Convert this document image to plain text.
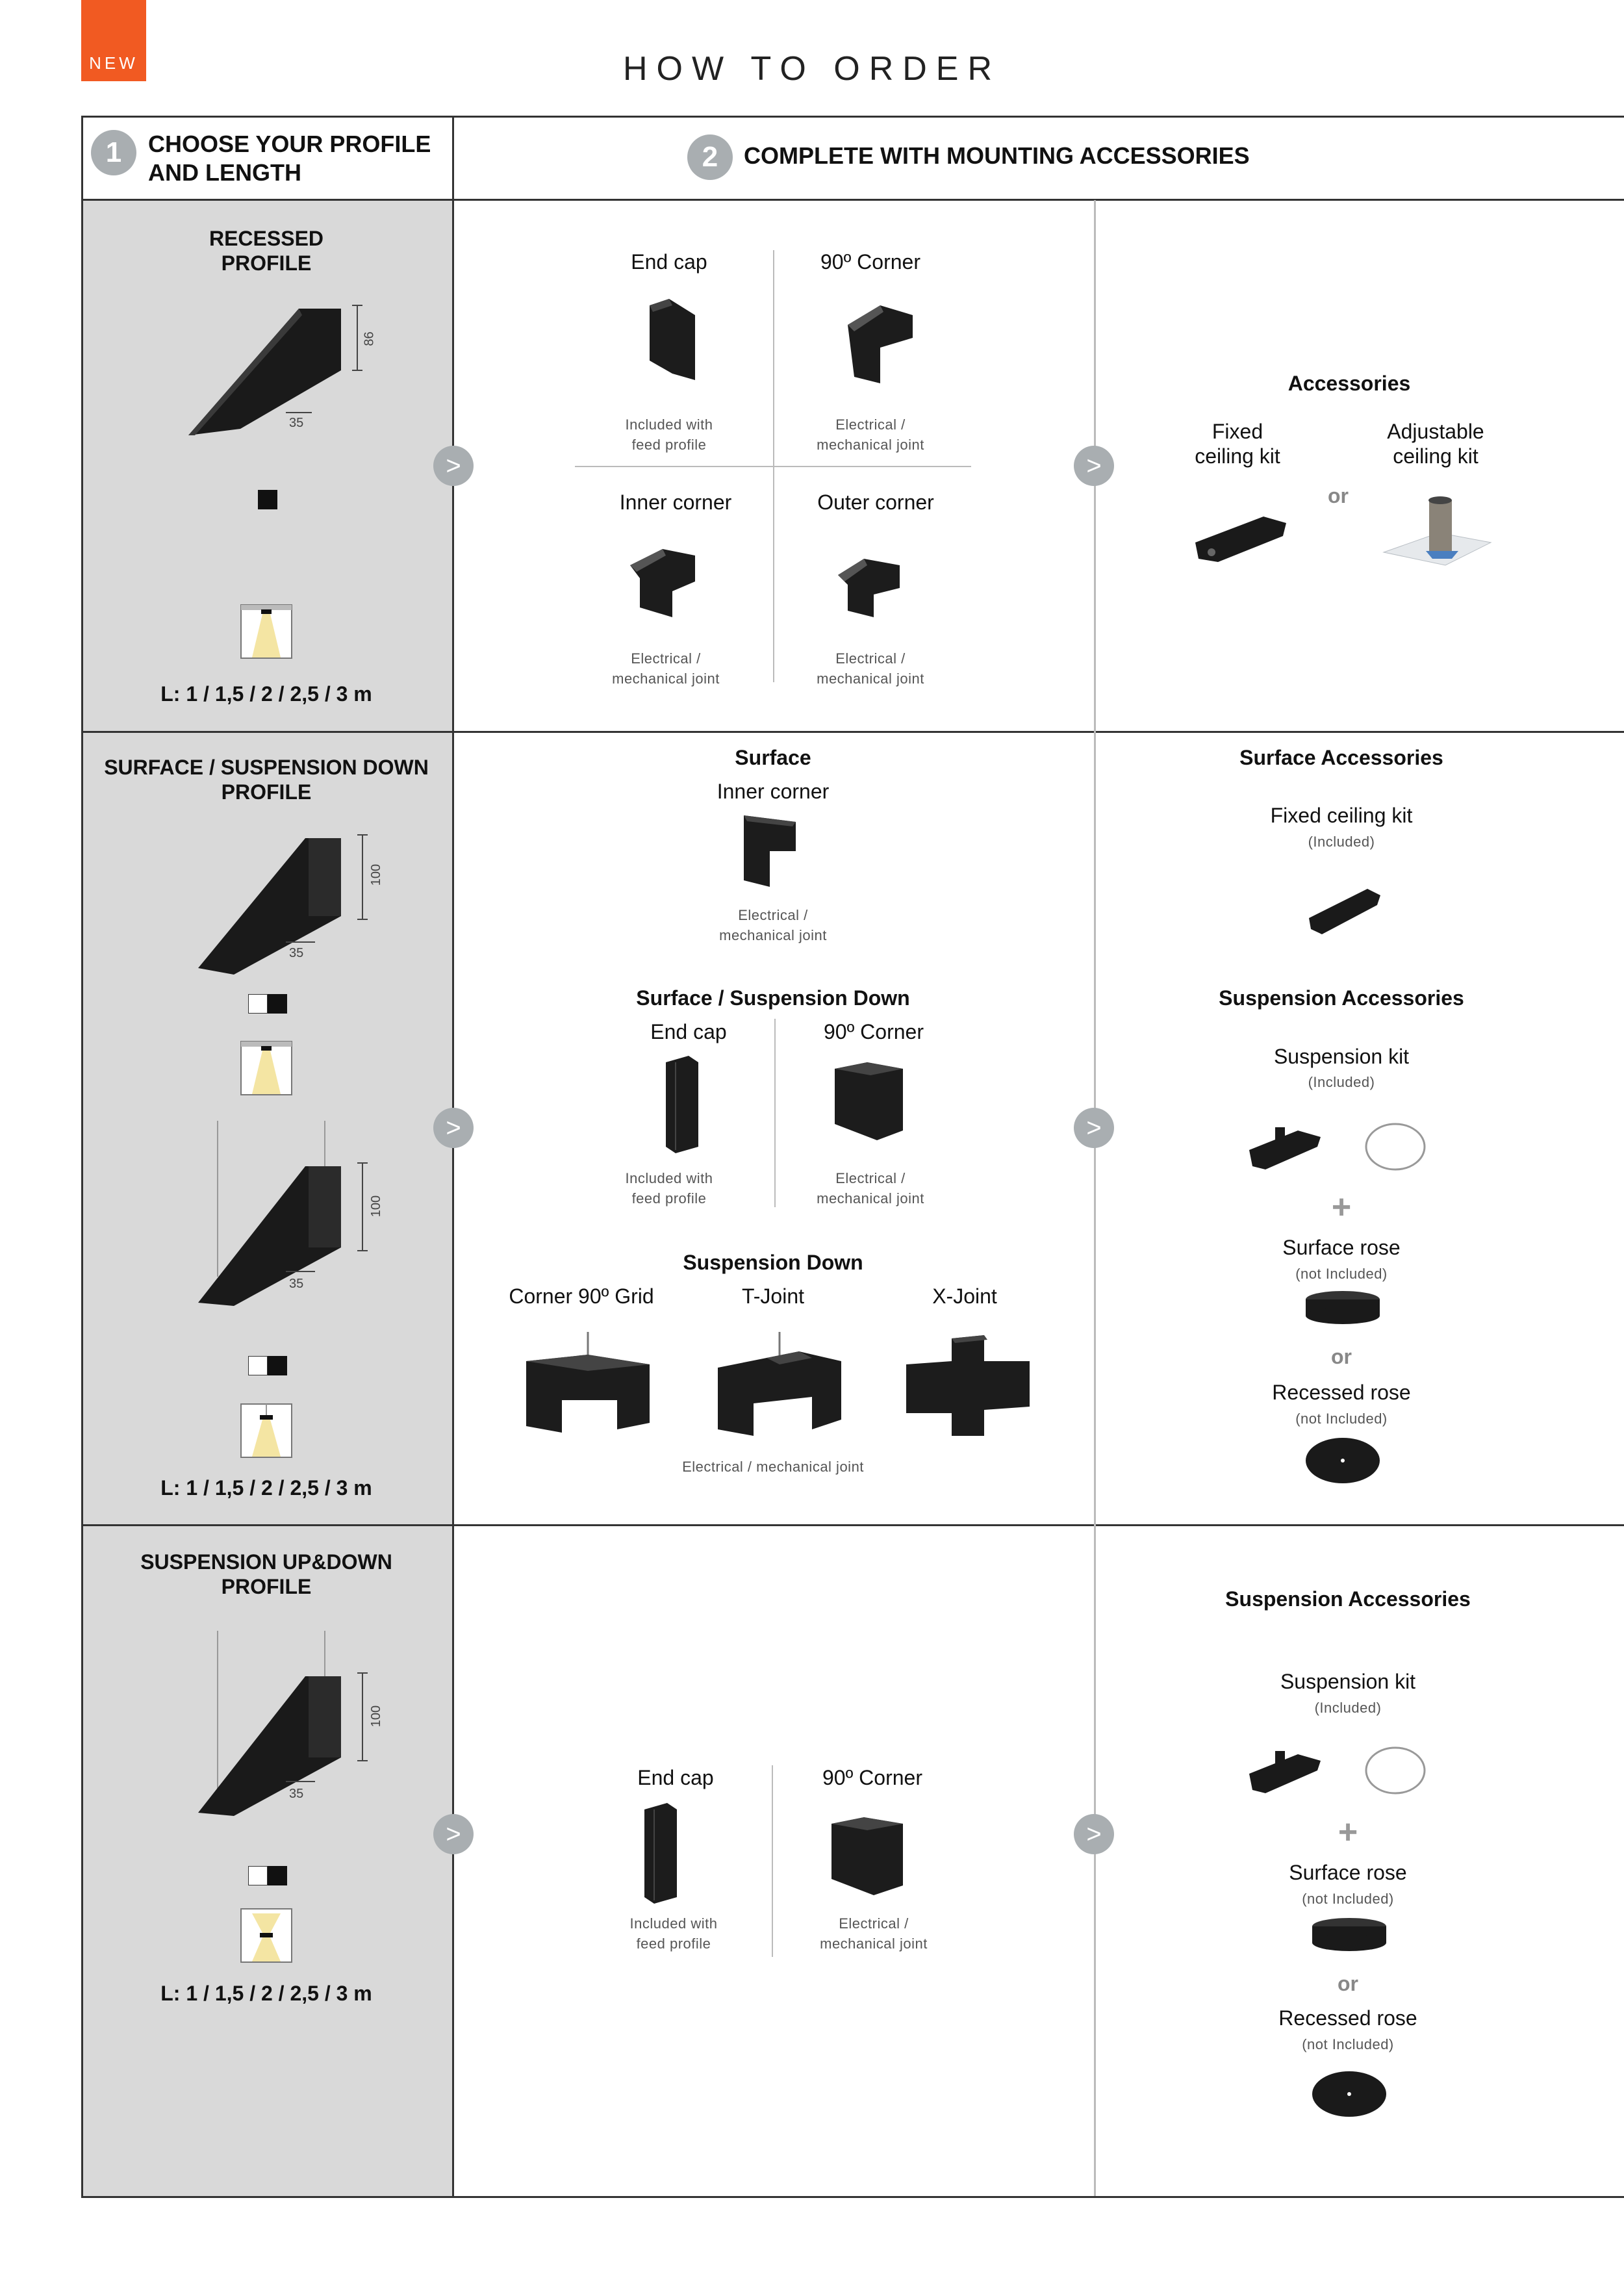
NEW	HOW TO ORDER
1	CHOOSE YOUR PROFILE
AND LENGTH	2	COMPLETE WITH MOUNTING ACCESSORIES
RECESSED
PROFILE
86
35
L: 1 / 1,5 / 2 / 2,5 / 3 m
>
End cap
Included with
feed profile
90º Corner
Electrical /
mechanical joint
Inner corner
Electrical /
mechanical joint
Outer corner
Electrical /
mechanical joint
>
Accessories
Fixed
ceiling kit
or
Adjustable
ceiling kit
SURFACE / SUSPENSION DOWN
PROFILE
100
35
100
35
L: 1 / 1,5 / 2 / 2,5 / 3 m
>
Surface
Inner corner
Electrical /
mechanical joint
Surface / Suspension Down
End cap
Included with
feed profile
90º Corner
Electrical /
mechanical joint
Suspension Down
Corner 90º Grid	T-Joint	X-Joint
Electrical / mechanical joint
>
Surface Accessories
Fixed ceiling kit
(Included)
Suspension Accessories
Suspension kit
(Included)
+
Surface rose
(not Included)
or
Recessed rose
(not Included)
SUSPENSION UP&DOWN
PROFILE
100
35
L: 1 / 1,5 / 2 / 2,5 / 3 m
>
End cap
Included with
feed profile
90º Corner
Electrical /
mechanical joint
>
Suspension Accessories
Suspension kit
(Included)
+
Surface rose
(not Included)
or
Recessed rose
(not Included)
